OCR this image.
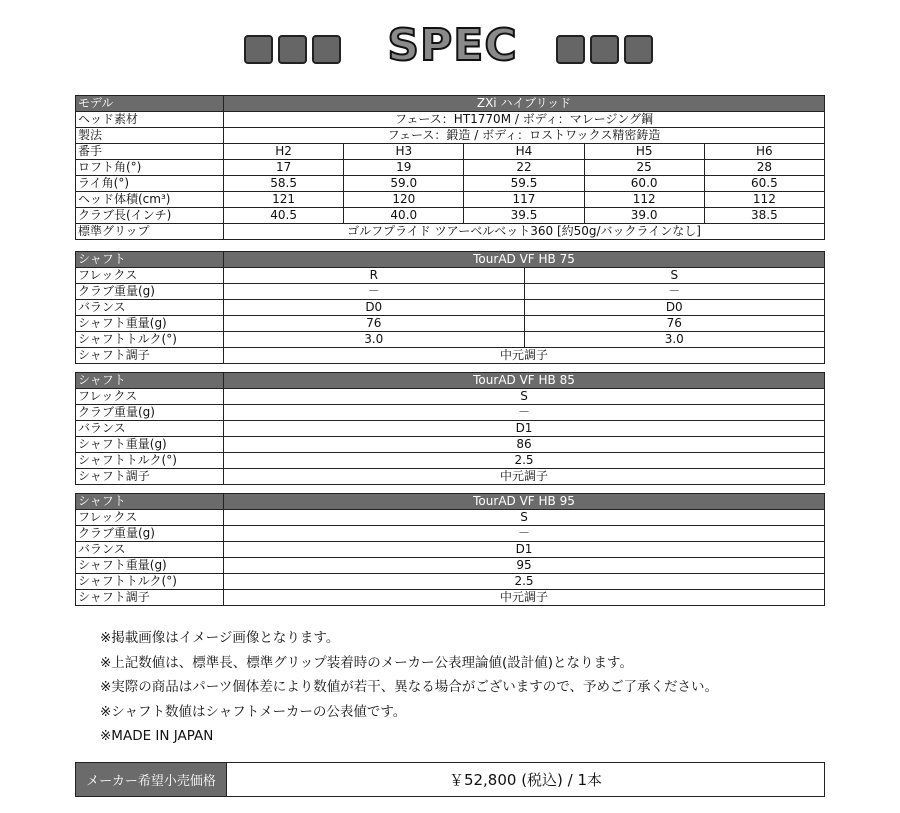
SPEC
モデル	ZXi ハイブリッド				
ヘッド素材	フェース：HT1770M / ボディ：マレージング鋼				
製法	フェース：鍛造 / ボディ：ロストワックス精密鋳造				
番手	H2	H3	H4	H5	H6
ロフト角(°)	17	19	22	25	28
ライ角(°)	58.5	59.0	59.5	60.0	60.5
ヘッド体積(cm³)	121	120	117	112	112
クラブ長(インチ)	40.5	40.0	39.5	39.0	38.5
標準グリップ	ゴルフプライド ツアーベルベット360 [約50g/バックラインなし]				
シャフト	TourAD VF HB 75	
フレックス	R	S
クラブ重量(g)	－	－
バランス	D0	D0
シャフト重量(g)	76	76
シャフトトルク(°)	3.0	3.0
シャフト調子	中元調子	
シャフト	TourAD VF HB 85
フレックス	S
クラブ重量(g)	－
バランス	D1
シャフト重量(g)	86
シャフトトルク(°)	2.5
シャフト調子	中元調子
シャフト	TourAD VF HB 95
フレックス	S
クラブ重量(g)	－
バランス	D1
シャフト重量(g)	95
シャフトトルク(°)	2.5
シャフト調子	中元調子
※掲載画像はイメージ画像となります。
※上記数値は、標準長、標準グリップ装着時のメーカー公表理論値(設計値)となります。
※実際の商品はパーツ個体差により数値が若干、異なる場合がございますので、予めご了承ください。
※シャフト数値はシャフトメーカーの公表値です。
※MADE IN JAPAN
メーカー希望小売価格	￥52,800 (税込) / 1本
